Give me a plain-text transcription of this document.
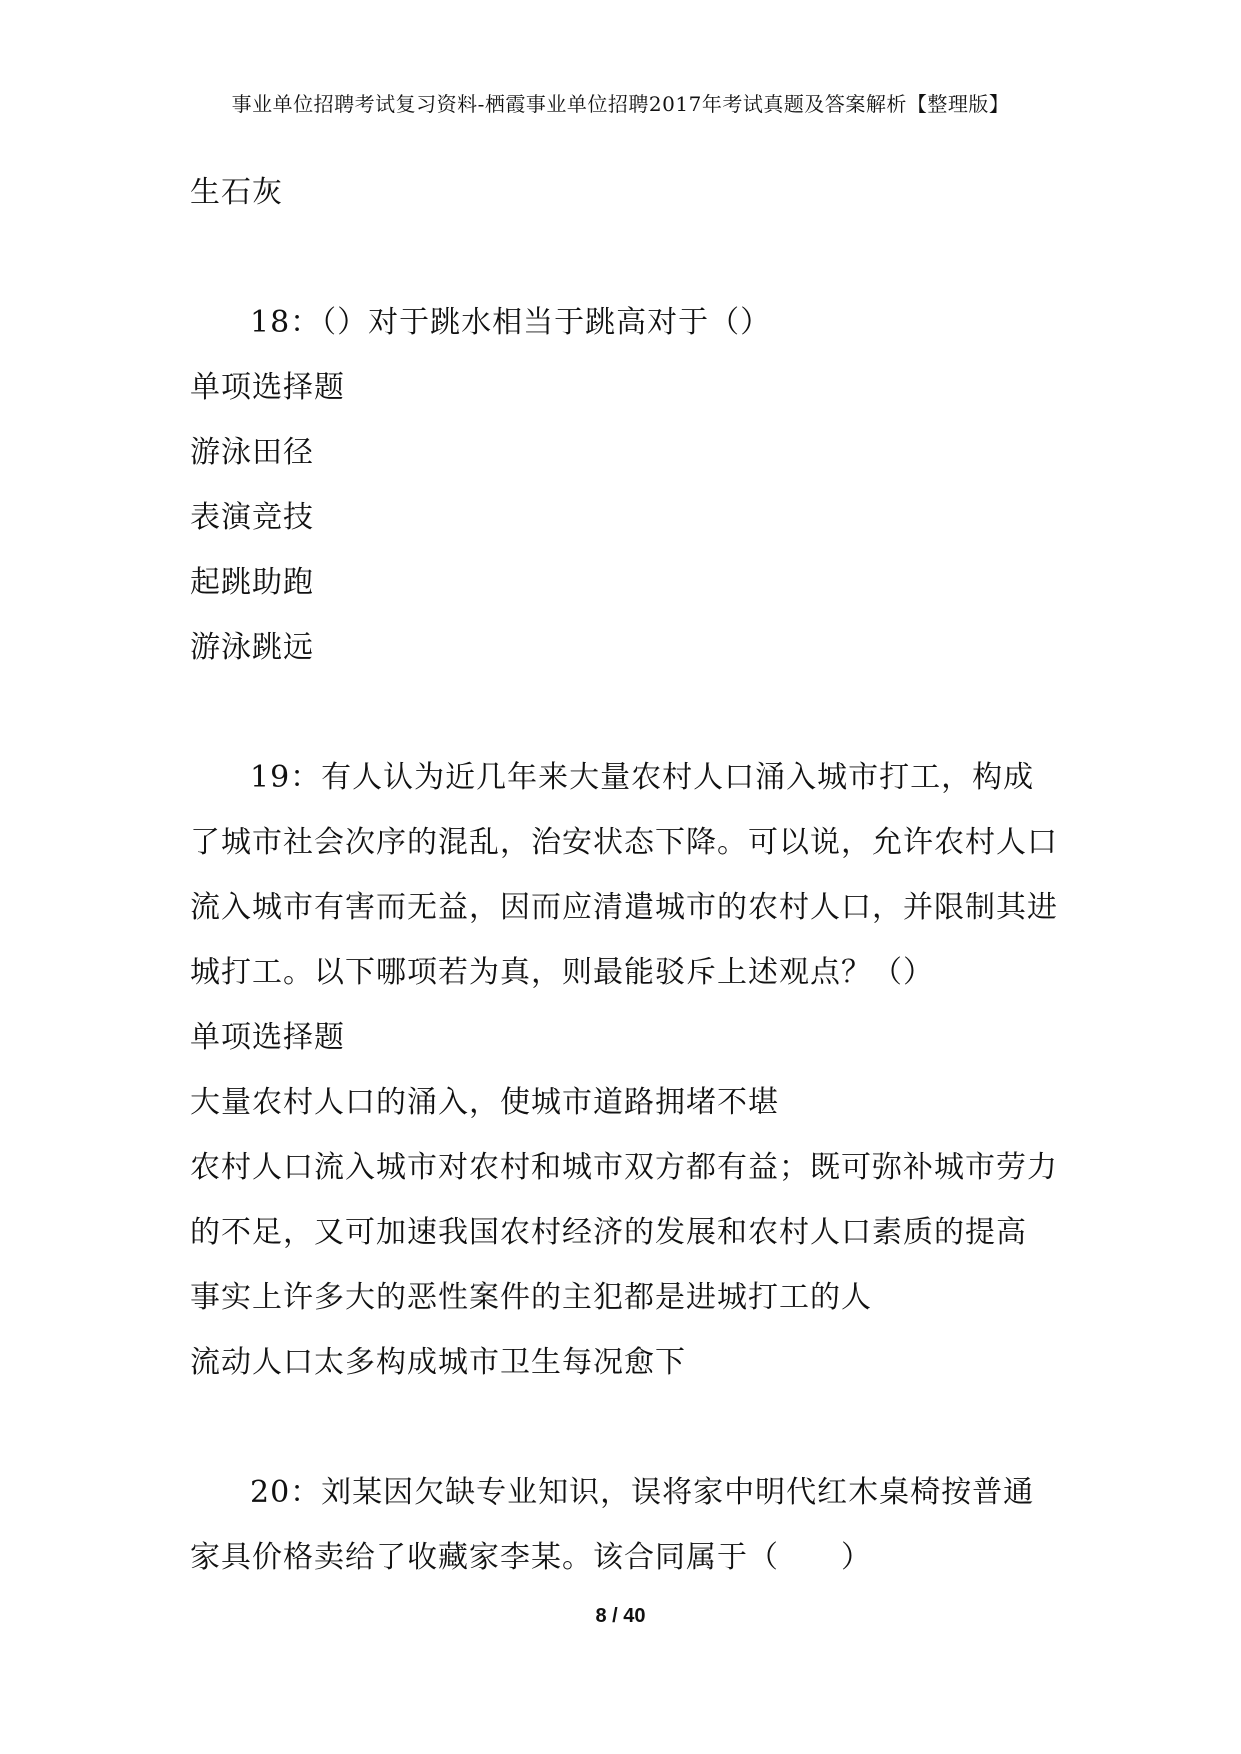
事业单位招聘考试复习资料-栖霞事业单位招聘2017年考试真题及答案解析【整理版】
生石灰
18：（）对于跳水相当于跳高对于（）
单项选择题
游泳田径
表演竞技
起跳助跑
游泳跳远
19：有人认为近几年来大量农村人口涌入城市打工，构成
了城市社会次序的混乱，治安状态下降。可以说，允许农村人口
流入城市有害而无益，因而应清遣城市的农村人口，并限制其进
城打工。以下哪项若为真，则最能驳斥上述观点？（）
单项选择题
大量农村人口的涌入，使城市道路拥堵不堪
农村人口流入城市对农村和城市双方都有益；既可弥补城市劳力
的不足，又可加速我国农村经济的发展和农村人口素质的提高
事实上许多大的恶性案件的主犯都是进城打工的人
流动人口太多构成城市卫生每况愈下
20：刘某因欠缺专业知识，误将家中明代红木桌椅按普通
家具价格卖给了收藏家李某。该合同属于（　　）
8 / 40
